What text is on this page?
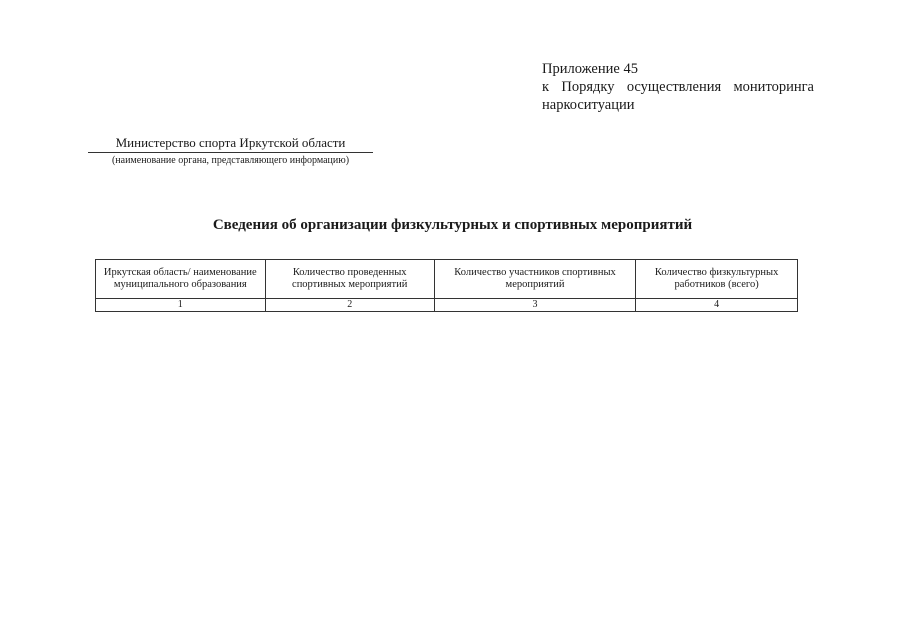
Приложение 45
к Порядку осуществления мониторинга
наркоситуации
Министерство спорта Иркутской области
(наименование органа, представляющего информацию)
Сведения об организации физкультурных и спортивных мероприятий
Иркутская область/ наименование муниципального образования	Количество проведенных спортивных мероприятий	Количество участников спортивных мероприятий	Количество физкультурных работников (всего)
1	2	3	4
